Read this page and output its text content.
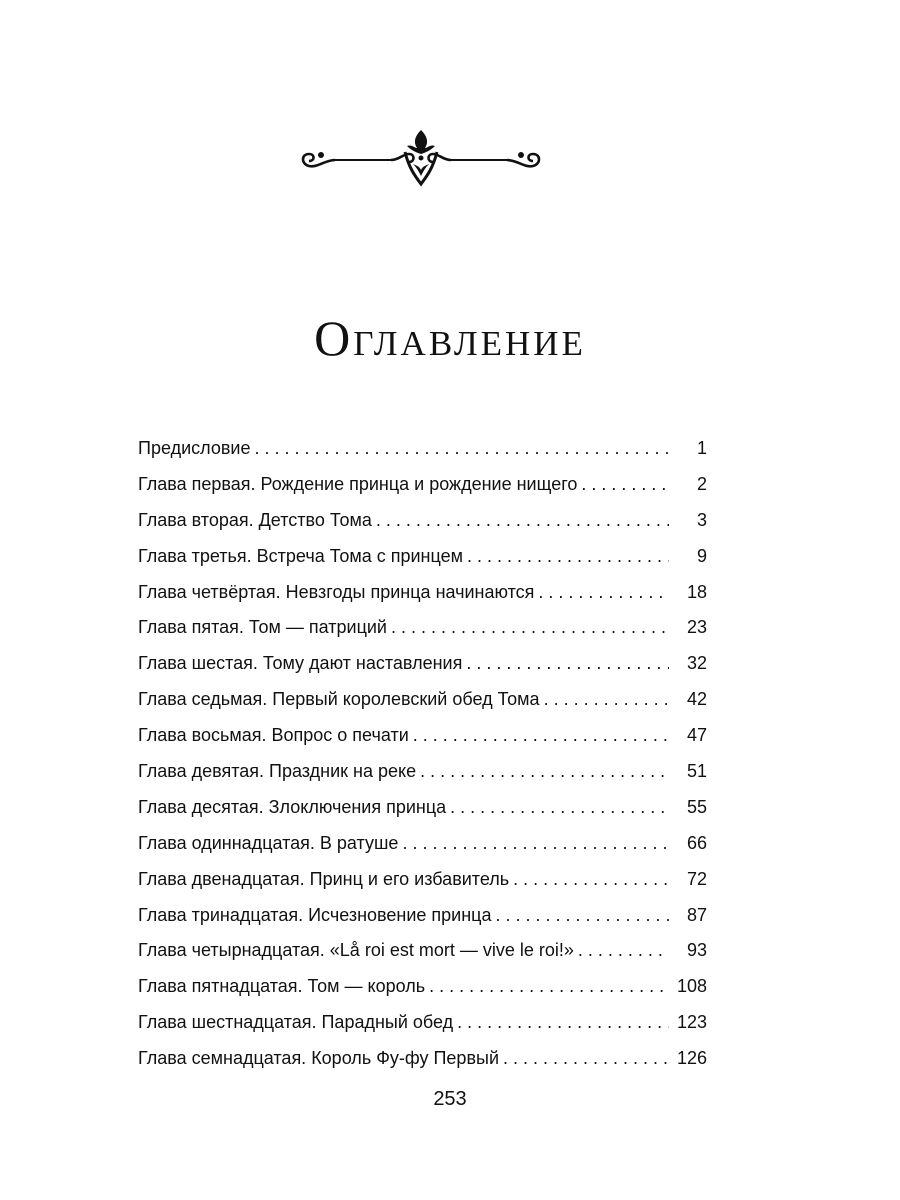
Оглавление
Предисловие . . .	1
Глава первая. Рождение принца и рождение нищего . . .	2
Глава вторая. Детство Тома . . .	3
Глава третья. Встреча Тома с принцем . . .	9
Глава четвёртая. Невзгоды принца начинаются . . .	18
Глава пятая. Том — патриций . . .	23
Глава шестая. Тому дают наставления . . .	32
Глава седьмая. Первый королевский обед Тома . . .	42
Глава восьмая. Вопрос о печати . . .	47
Глава девятая. Праздник на реке . . .	51
Глава десятая. Злоключения принца . . .	55
Глава одиннадцатая. В ратуше . . .	66
Глава двенадцатая. Принц и его избавитель . . .	72
Глава тринадцатая. Исчезновение принца . . .	87
Глава четырнадцатая. «Lå roi est mort — vive le roi!» . . .	93
Глава пятнадцатая. Том — король . . .	108
Глава шестнадцатая. Парадный обед . . .	123
Глава семнадцатая. Король Фу-фу Первый . . .	126
253
